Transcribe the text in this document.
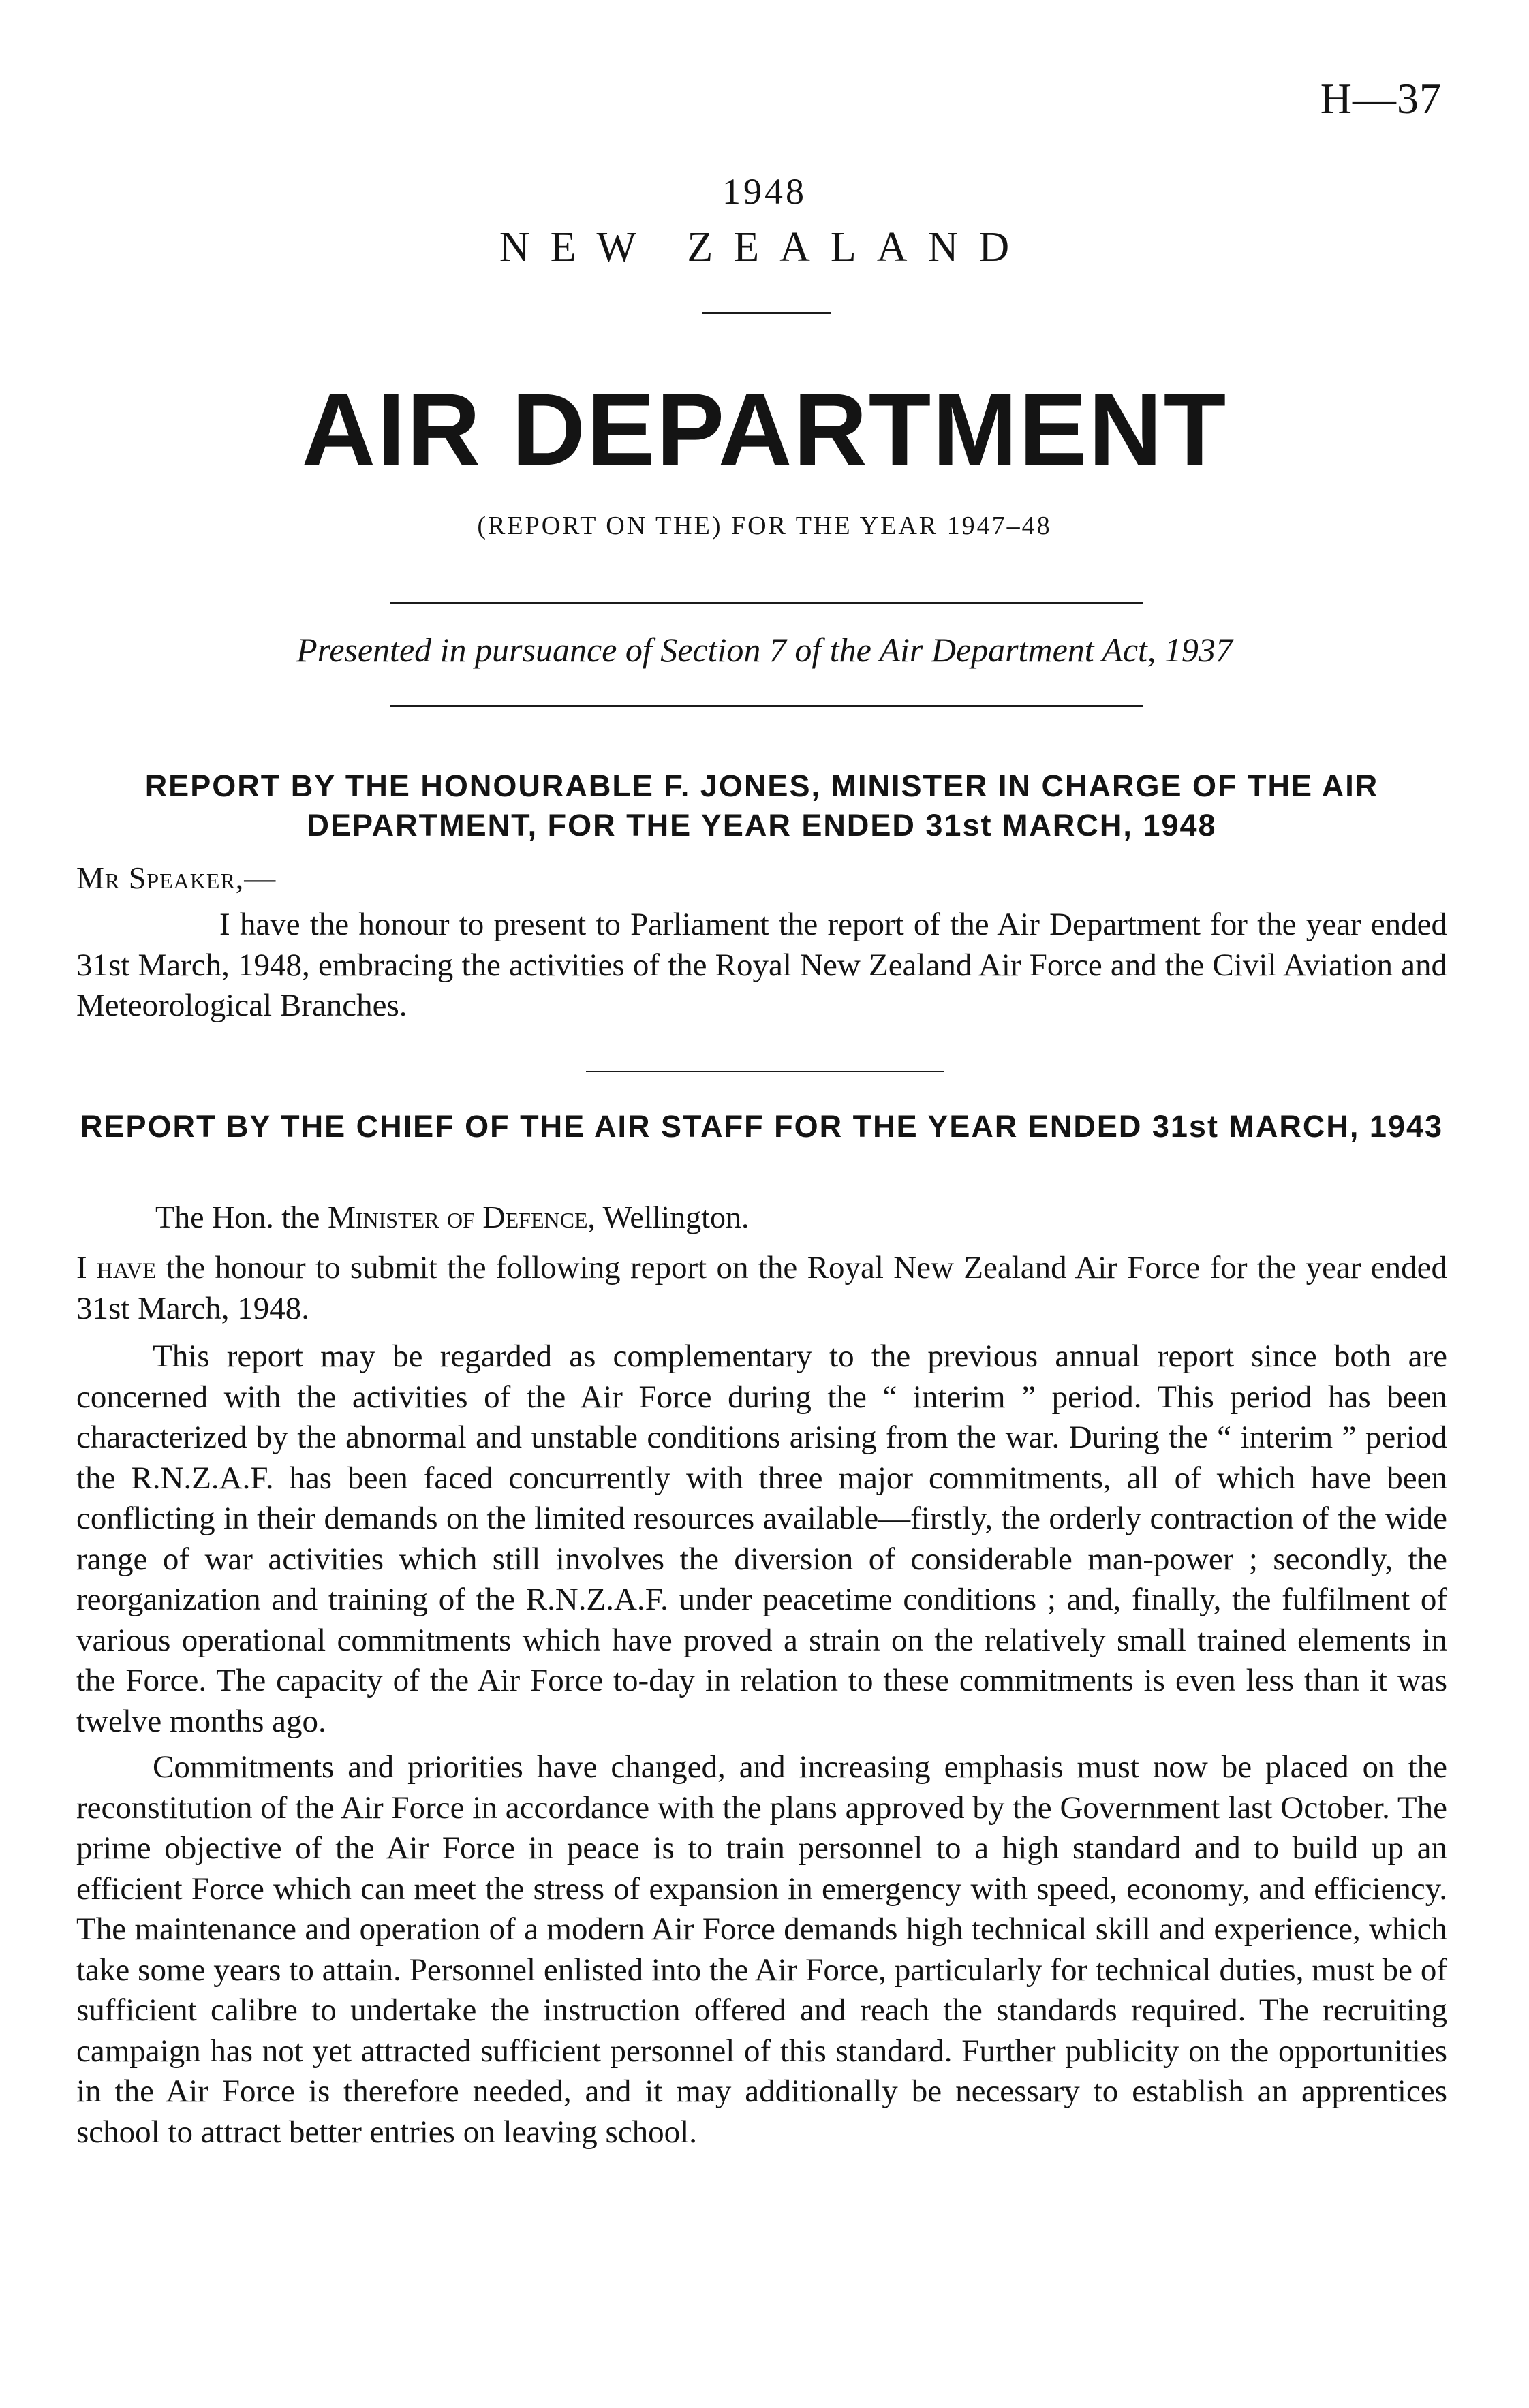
H—37
1948
NEW ZEALAND
AIR DEPARTMENT
(REPORT ON THE) FOR THE YEAR 1947–48
Presented in pursuance of Section 7 of the Air Department Act, 1937
REPORT BY THE HONOURABLE F. JONES, MINISTER IN CHARGE OF THE AIR DEPARTMENT, FOR THE YEAR ENDED 31st MARCH, 1948
Mr Speaker,—

I have the honour to present to Parliament the report of the Air Department for the year ended 31st March, 1948, embracing the activities of the Royal New Zealand Air Force and the Civil Aviation and Meteorological Branches.

REPORT BY THE CHIEF OF THE AIR STAFF FOR THE YEAR ENDED 31st MARCH, 1943
The Hon. the Minister of Defence, Wellington.

I have the honour to submit the following report on the Royal New Zealand Air Force for the year ended 31st March, 1948.

This report may be regarded as complementary to the previous annual report since both are concerned with the activities of the Air Force during the “ interim ” period. This period has been characterized by the abnormal and unstable conditions arising from the war. During the “ interim ” period the R.N.Z.A.F. has been faced concurrently with three major commitments, all of which have been conflicting in their demands on the limited resources available—firstly, the orderly contraction of the wide range of war activities which still involves the diversion of considerable man-power ; secondly, the reorganization and training of the R.N.Z.A.F. under peacetime conditions ; and, finally, the fulfilment of various operational commitments which have proved a strain on the relatively small trained elements in the Force. The capacity of the Air Force to-day in relation to these commitments is even less than it was twelve months ago.

Commitments and priorities have changed, and increasing emphasis must now be placed on the reconstitution of the Air Force in accordance with the plans approved by the Government last October. The prime objective of the Air Force in peace is to train personnel to a high standard and to build up an efficient Force which can meet the stress of expansion in emergency with speed, economy, and efficiency. The maintenance and operation of a modern Air Force demands high technical skill and experience, which take some years to attain. Personnel enlisted into the Air Force, particularly for technical duties, must be of sufficient calibre to undertake the instruction offered and reach the standards required. The recruiting campaign has not yet attracted sufficient personnel of this standard. Further publicity on the opportunities in the Air Force is therefore needed, and it may additionally be necessary to establish an apprentices school to attract better entries on leaving school.
